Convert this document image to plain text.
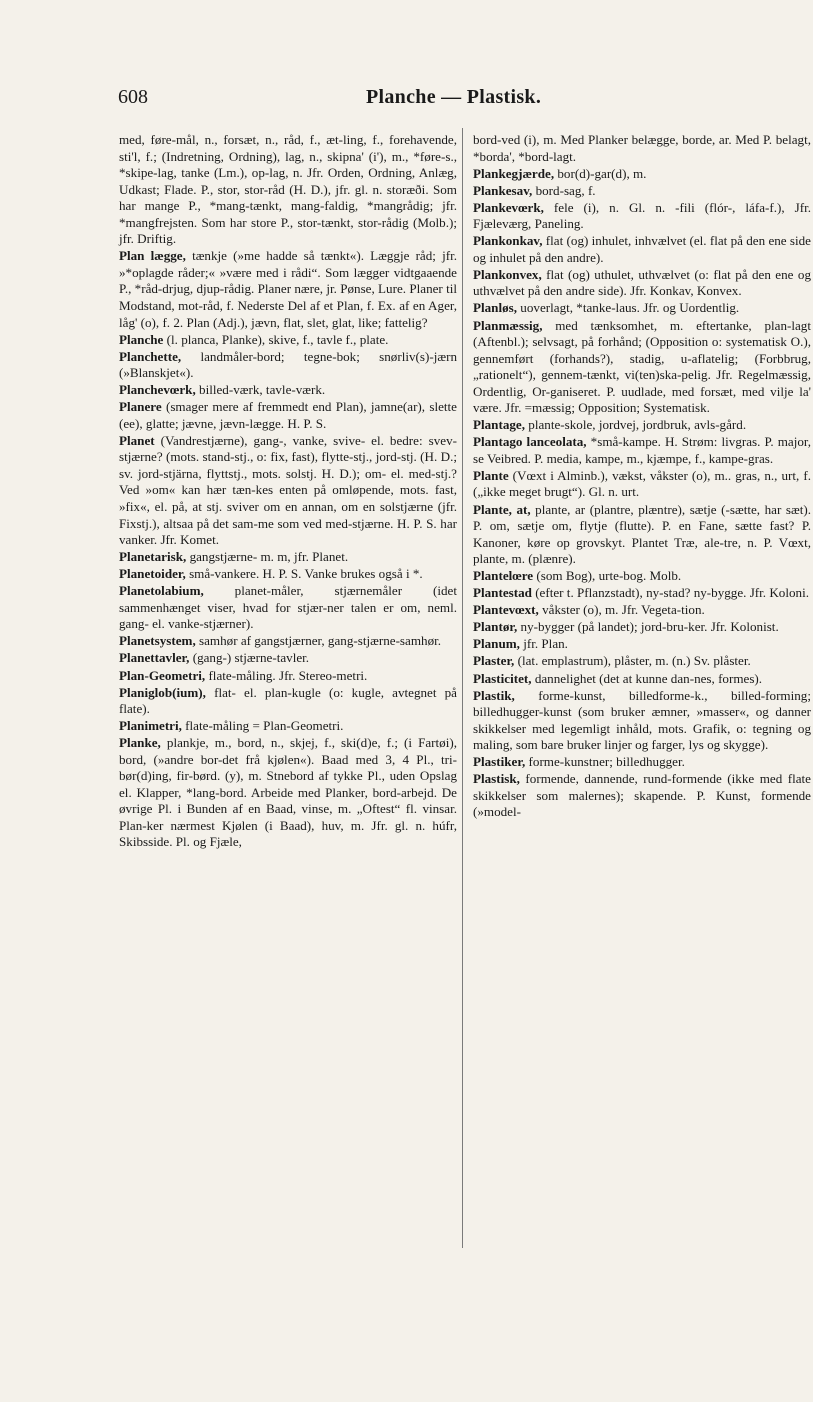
608	Planche — Plastisk.
med, føre-mål, n., forsæt, n., råd, f., æt-ling, f., forehavende, sti'l, f.; (Indretning, Ordning), lag, n., skipna' (i'), m., *føre-s., *skipe-lag, tanke (Lm.), op-lag, n. Jfr. Orden, Ordning, Anlæg, Udkast; Flade. P., stor, stor-råd (H. D.), jfr. gl. n. storæði. Som har mange P., *mang-tænkt, mang-faldig, *mangrådig; jfr. *mangfrejsten. Som har store P., stor-tænkt, stor-rådig (Molb.); jfr. Driftig.
Plan lægge, tænkje (»me hadde så tænkt«). Læggje råd; jfr. »*oplagde råder;« »være med i rådi“. Som lægger vidtgaaende P., *råd-drjug, djup-rådig. Planer nære, jr. Pønse, Lure. Planer til Modstand, mot-råd, f. Nederste Del af et Plan, f. Ex. af en Ager, låg' (o), f. 2. Plan (Adj.), jævn, flat, slet, glat, like; fattelig?
Planche (l. planca, Planke), skive, f., tavle f., plate.
Planchette, landmåler-bord; tegne-bok; snørliv(s)-jærn (»Blanskjet«).
Planchevœrk, billed-værk, tavle-værk.
Planere (smager mere af fremmedt end Plan), jamne(ar), slette (ee), glatte; jævne, jævn-lægge. H. P. S.
Planet (Vandrestjærne), gang-, vanke, svive- el. bedre: svev-stjærne? (mots. stand-stj., o: fix, fast), flytte-stj., jord-stj. (H. D.; sv. jord-stjärna, flyttstj., mots. solstj. H. D.); om- el. med-stj.? Ved »om« kan hær tæn-kes enten på omløpende, mots. fast, »fix«, el. på, at stj. sviver om en annan, om en solstjærne (jfr. Fixstj.), altsaa på det sam-me som ved med-stjærne. H. P. S. har vanker. Jfr. Komet.
Planetarisk, gangstjærne- m. m, jfr. Planet.
Planetoider, små-vankere. H. P. S. Vanke brukes også i *.
Planetolabium, planet-måler, stjærnemåler (idet sammenhænget viser, hvad for stjær-ner talen er om, neml. gang- el. vanke-stjærner).
Planetsystem, samhør af gangstjærner, gang-stjærne-samhør.
Planettavler, (gang-) stjærne-tavler.
Plan-Geometri, flate-måling. Jfr. Stereo-metri.
Planiglob(ium), flat- el. plan-kugle (o: kugle, avtegnet på flate).
Planimetri, flate-måling = Plan-Geometri.
Planke, plankje, m., bord, n., skjej, f., ski(d)e, f.; (i Fartøi), bord, (»andre bor-det frå kjølen«). Baad med 3, 4 Pl., tri-bør(d)ing, fir-børd. (y), m. Stnebord af tykke Pl., uden Opslag el. Klapper, *lang-bord. Arbeide med Planker, bord-arbejd. De øvrige Pl. i Bunden af en Baad, vinse, m. „Oftest“ fl. vinsar. Plan-ker nærmest Kjølen (i Baad), huv, m. Jfr. gl. n. húfr, Skibsside. Pl. og Fjæle,
bord-ved (i), m. Med Planker belægge, borde, ar. Med P. belagt, *borda', *bord-lagt.
Plankegjærde, bor(d)-gar(d), m.
Plankesav, bord-sag, f.
Plankevœrk, fele (i), n. Gl. n. -fili (flór-, láfa-f.), Jfr. Fjæleværg, Paneling.
Plankonkav, flat (og) inhulet, inhvælvet (el. flat på den ene side og inhulet på den andre).
Plankonvex, flat (og) uthulet, uthvælvet (o: flat på den ene og uthvælvet på den andre side). Jfr. Konkav, Konvex.
Planløs, uoverlagt, *tanke-laus. Jfr. og Uordentlig.
Planmæssig, med tænksomhet, m. eftertanke, plan-lagt (Aftenbl.); selvsagt, på forhånd; (Opposition o: systematisk O.), gennemført (forhands?), stadig, u-aflatelig; (Forbbrug, „rationelt“), gennem-tænkt, vi(ten)ska-pelig. Jfr. Regelmæssig, Ordentlig, Or-ganiseret. P. uudlade, med forsæt, med vilje la' være. Jfr. =mæssig; Opposition; Systematisk.
Plantage, plante-skole, jordvej, jordbruk, avls-gård.
Plantago lanceolata, *små-kampe. H. Strøm: livgras. P. major, se Veibred. P. media, kampe, m., kjæmpe, f., kampe-gras.
Plante (Vœxt i Alminb.), vækst, våkster (o), m.. gras, n., urt, f. („ikke meget brugt“). Gl. n. urt.
Plante, at, plante, ar (plantre, plæntre), sætje (-sætte, har sæt). P. om, sætje om, flytje (flutte). P. en Fane, sætte fast? P. Kanoner, køre op grovskyt. Plantet Træ, ale-tre, n. P. Vœxt, plante, m. (plænre).
Plantelœre (som Bog), urte-bog. Molb.
Plantestad (efter t. Pflanzstadt), ny-stad? ny-bygge. Jfr. Koloni.
Plantevœxt, våkster (o), m. Jfr. Vegeta-tion.
Plantør, ny-bygger (på landet); jord-bru-ker. Jfr. Kolonist.
Planum, jfr. Plan.
Plaster, (lat. emplastrum), plåster, m. (n.) Sv. plåster.
Plasticitet, dannelighet (det at kunne dan-nes, formes).
Plastik, forme-kunst, billedforme-k., billed-forming; billedhugger-kunst (som bruker æmner, »masser«, og danner skikkelser med legemligt inhåld, mots. Grafik, o: tegning og maling, som bare bruker linjer og farger, lys og skygge).
Plastiker, forme-kunstner; billedhugger.
Plastisk, formende, dannende, rund-formende (ikke med flate skikkelser som malernes); skapende. P. Kunst, formende (»model-
